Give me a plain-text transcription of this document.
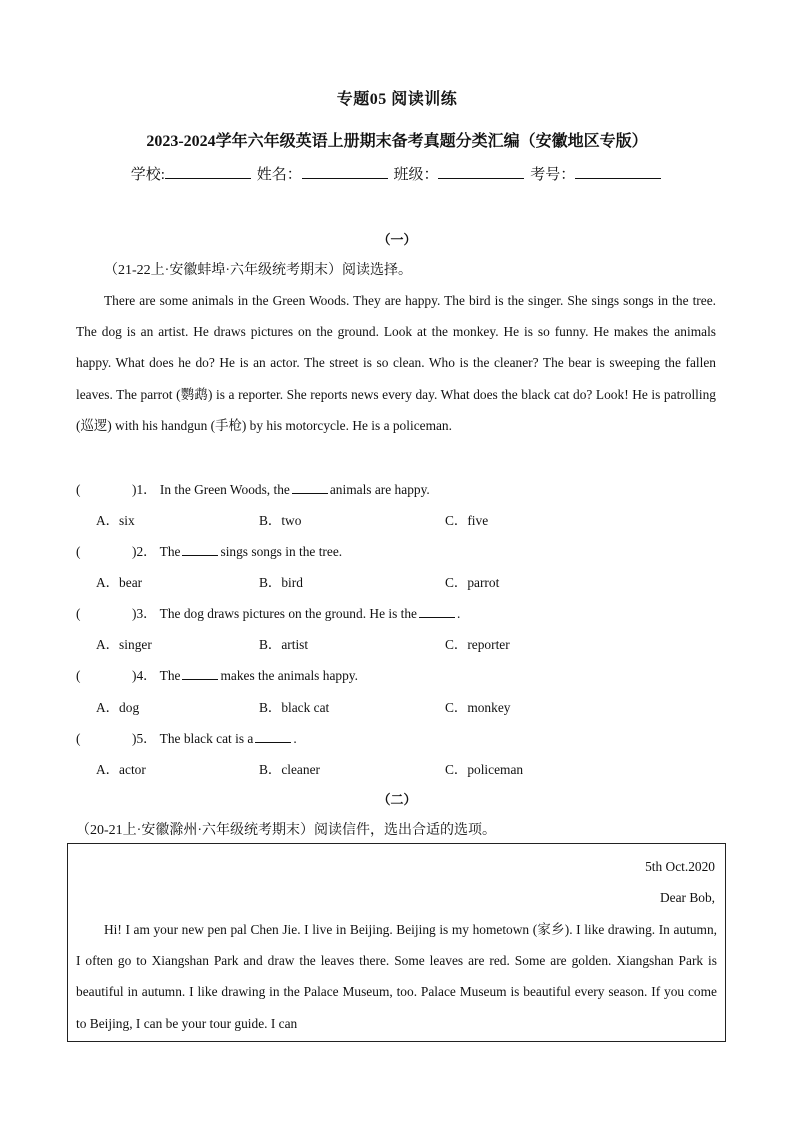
专题05 阅读训练
2023-2024学年六年级英语上册期末备考真题分类汇编（安徽地区专版）
学校:	姓名：	班级：	考号：
（一）
（21-22上·安徽蚌埠·六年级统考期末）阅读选择。

There are some animals in the Green Woods. They are happy. The bird is the singer. She sings songs in the tree. The dog is an artist. He draws pictures on the ground. Look at the monkey. He is so funny. He makes the animals happy. What does he do? He is an actor. The street is so clean. Who is the cleaner? The bear is sweeping the fallen leaves. The parrot (鹦鹉) is a reporter. She reports news every day. What does the black cat do? Look! He is patrolling (巡逻) with his handgun (手枪) by his motorcycle. He is a policeman.

(	)1． In the Green Woods, the	animals are happy.
A．six	B．two	C．five
(	)2． The	sings songs in the tree.
A．bear	B．bird	C．parrot
(	)3． The dog draws pictures on the ground. He is the	.
A．singer	B．artist	C．reporter
(	)4． The	makes the animals happy.
A．dog	B．black cat	C．monkey
(	)5． The black cat is a	.
A．actor	B．cleaner	C．policeman
（二）
（20-21上·安徽滁州·六年级统考期末）阅读信件，选出合适的选项。
5th Oct.2020
Dear Bob,

Hi! I am your new pen pal Chen Jie. I live in Beijing. Beijing is my hometown (家乡). I like drawing. In autumn, I often go to Xiangshan Park and draw the leaves there. Some leaves are red. Some are golden. Xiangshan Park is beautiful in autumn. I like drawing in the Palace Museum, too. Palace Museum is beautiful every season. If you come to Beijing, I can be your tour guide. I can
